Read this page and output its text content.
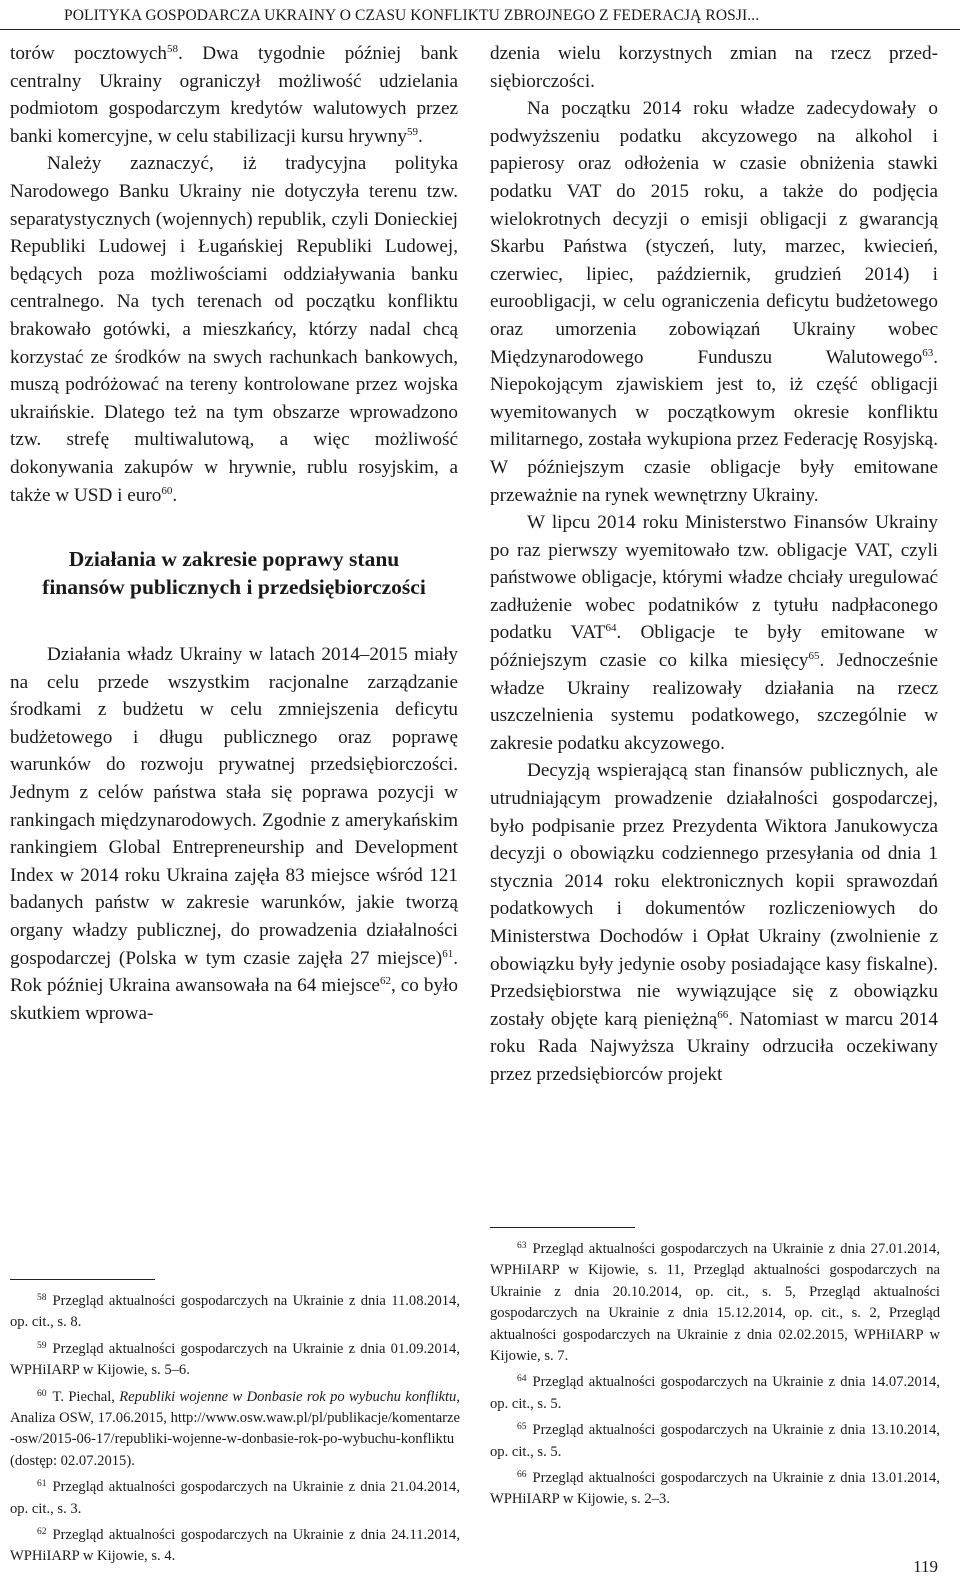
POLITYKA GOSPODARCZA UKRAINY O CZASU KONFLIKTU ZBROJNEGO Z FEDERACJĄ ROSJI...

torów pocztowych$^{58}$. Dwa tygodnie później bank centralny Ukrainy ograniczył możliwość udzielania podmiotom gospodarczym kredytów walutowych przez banki komercyjne, w celu stabilizacji kursu hrywny$^{59}$.

Należy zaznaczyć, iż tradycyjna polityka Narodowego Banku Ukrainy nie dotyczyła terenu tzw. separatystycznych (wojennych) republik, czyli Donieckiej Republiki Ludowej i Ługańskiej Republiki Ludowej, będących poza możliwościami oddziaływania banku centralnego. Na tych terenach od początku konfliktu brakowało gotówki, a mieszkańcy, którzy nadal chcą korzystać ze środków na swych rachunkach bankowych, muszą podróżować na tereny kontrolowane przez wojska ukraińskie. Dlatego też na tym obszarze wprowadzono tzw. strefę multiwalutową, a więc możliwość dokonywania zakupów w hrywnie, rublu rosyjskim, a także w USD i euro$^{60}$.

Działania w zakresie poprawy stanu
finansów publicznych i przedsiębiorczości

Działania władz Ukrainy w latach 2014–2015 miały na celu przede wszystkim racjonalne zarządzanie środkami z budżetu w celu zmniejszenia deficytu budżetowego i długu publicznego oraz poprawę warunków do rozwoju prywatnej przedsiębiorczości. Jednym z celów państwa stała się poprawa pozycji w rankingach międzynarodowych. Zgodnie z amerykańskim rankingiem Global Entrepreneurship and Development Index w 2014 roku Ukraina zajęła 83 miejsce wśród 121 badanych państw w zakresie warunków, jakie tworzą organy władzy publicznej, do prowadzenia działalności gospodarczej (Polska w tym czasie zajęła 27 miejsce)$^{61}$. Rok później Ukraina awansowała na 64 miejsce$^{62}$, co było skutkiem wprowa-

dzenia wielu korzystnych zmian na rzecz przedsiębiorczości.

Na początku 2014 roku władze zadecydowały o podwyższeniu podatku akcyzowego na alkohol i papierosy oraz odłożenia w czasie obniżenia stawki podatku VAT do 2015 roku, a także do podjęcia wielokrotnych decyzji o emisji obligacji z gwarancją Skarbu Państwa (styczeń, luty, marzec, kwiecień, czerwiec, lipiec, październik, grudzień 2014) i euroobligacji, w celu ograniczenia deficytu budżetowego oraz umorzenia zobowiązań Ukrainy wobec Międzynarodowego Funduszu Walutowego$^{63}$. Niepokojącym zjawiskiem jest to, iż część obligacji wyemitowanych w początkowym okresie konfliktu militarnego, została wykupiona przez Federację Rosyjską. W późniejszym czasie obligacje były emitowane przeważnie na rynek wewnętrzny Ukrainy.

W lipcu 2014 roku Ministerstwo Finansów Ukrainy po raz pierwszy wyemitowało tzw. obligacje VAT, czyli państwowe obligacje, którymi władze chciały uregulować zadłużenie wobec podatników z tytułu nadpłaconego podatku VAT$^{64}$. Obligacje te były emitowane w późniejszym czasie co kilka miesięcy$^{65}$. Jednocześnie władze Ukrainy realizowały działania na rzecz uszczelnienia systemu podatkowego, szczególnie w zakresie podatku akcyzowego.

Decyzją wspierającą stan finansów publicznych, ale utrudniającym prowadzenie działalności gospodarczej, było podpisanie przez Prezydenta Wiktora Janukowycza decyzji o obowiązku codziennego przesyłania od dnia 1 stycznia 2014 roku elektronicznych kopii sprawozdań podatkowych i dokumentów rozliczeniowych do Ministerstwa Dochodów i Opłat Ukrainy (zwolnienie z obowiązku były jedynie osoby posiadające kasy fiskalne). Przedsiębiorstwa nie wywiązujące się z obowiązku zostały objęte karą pieniężną$^{66}$. Natomiast w marcu 2014 roku Rada Najwyższa Ukrainy odrzuciła oczekiwany przez przedsiębiorców projekt

$^{58}$ Przegląd aktualności gospodarczych na Ukrainie z dnia 11.08.2014, op. cit., s. 8.

$^{59}$ Przegląd aktualności gospodarczych na Ukrainie z dnia 01.09.2014, WPHiIARP w Kijowie, s. 5–6.

$^{60}$ T. Piechal, Republiki wojenne w Donbasie rok po wybuchu konfliktu, Analiza OSW, 17.06.2015, http://www.osw.waw.pl/pl/publikacje/komentarze-osw/2015-06-17/republiki-wojenne-w-donbasie-rok-po-wybuchu-konfliktu (dostęp: 02.07.2015).

$^{61}$ Przegląd aktualności gospodarczych na Ukrainie z dnia 21.04.2014, op. cit., s. 3.

$^{62}$ Przegląd aktualności gospodarczych na Ukrainie z dnia 24.11.2014, WPHiIARP w Kijowie, s. 4.

$^{63}$ Przegląd aktualności gospodarczych na Ukrainie z dnia 27.01.2014, WPHiIARP w Kijowie, s. 11, Przegląd aktualności gospodarczych na Ukrainie z dnia 20.10.2014, op. cit., s. 5, Przegląd aktualności gospodarczych na Ukrainie z dnia 15.12.2014, op. cit., s. 2, Przegląd aktualności gospodarczych na Ukrainie z dnia 02.02.2015, WPHiIARP w Kijowie, s. 7.

$^{64}$ Przegląd aktualności gospodarczych na Ukrainie z dnia 14.07.2014, op. cit., s. 5.

$^{65}$ Przegląd aktualności gospodarczych na Ukrainie z dnia 13.10.2014, op. cit., s. 5.

$^{66}$ Przegląd aktualności gospodarczych na Ukrainie z dnia 13.01.2014, WPHiIARP w Kijowie, s. 2–3.

119
